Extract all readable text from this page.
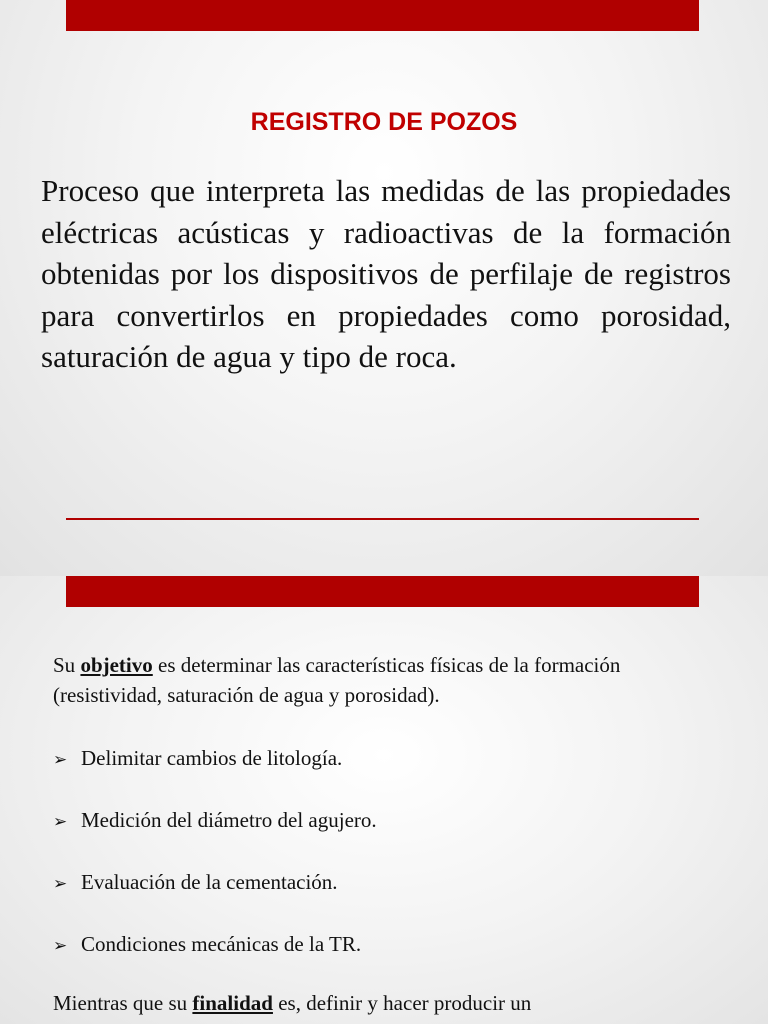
REGISTRO DE POZOS

Proceso que interpreta las medidas de las propiedades eléctricas acústicas y radioactivas de la formación obtenidas por los dispositivos de perfilaje de registros para convertirlos en propiedades como porosidad, saturación de agua y tipo de roca.

Su objetivo es determinar las características físicas de la formación (resistividad, saturación de agua y porosidad).

➢ Delimitar cambios de litología.
➢ Medición del diámetro del agujero.
➢ Evaluación de la cementación.
➢ Condiciones mecánicas de la TR.

Mientras que su finalidad es, definir y hacer producir un
